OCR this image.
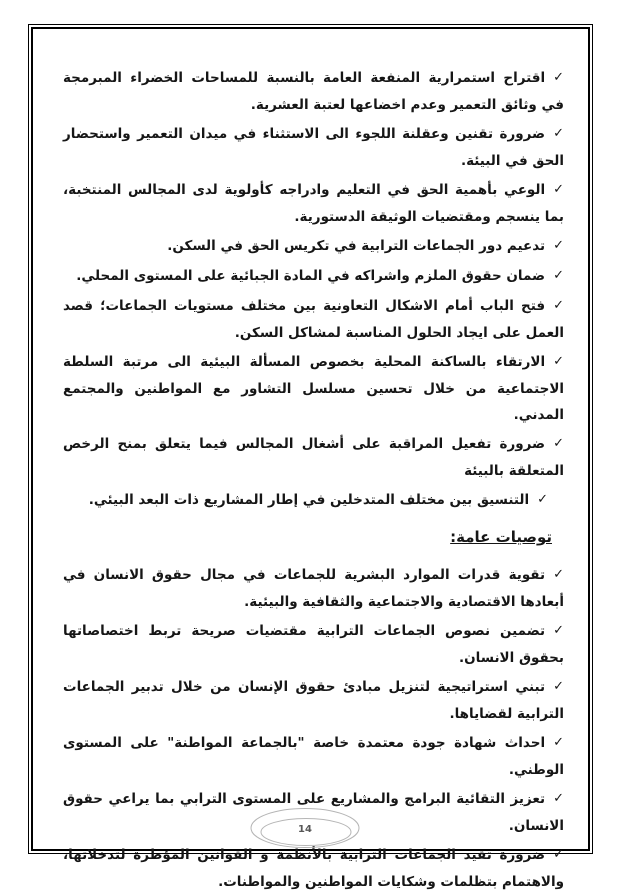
✓اقتراح استمرارية المنفعة العامة بالنسبة للمساحات الخضراء المبرمجة في وثائق التعمير وعدم اخضاعها لعتبة العشرية.
✓ضرورة تقنين وعقلنة اللجوء الى الاستثناء في ميدان التعمير واستحضار الحق في البيئة.
✓الوعي بأهمية الحق في التعليم وادراجه كأولوية لدى المجالس المنتخبة، بما ينسجم ومقتضيات الوثيقة الدستورية.
✓تدعيم دور الجماعات الترابية في تكريس الحق في السكن.
✓ضمان حقوق الملزم واشراكه في المادة الجبائية على المستوى المحلي.
✓فتح الباب أمام الاشكال التعاونية بين مختلف مستويات الجماعات؛ قصد العمل على ايجاد الحلول المناسبة لمشاكل السكن.
✓الارتقاء بالساكنة المحلية بخصوص المسألة البيئية الى مرتبة السلطة الاجتماعية من خلال تحسين مسلسل التشاور مع المواطنين والمجتمع المدني.
✓ضرورة تفعيل المراقبة على أشغال المجالس فيما يتعلق بمنح الرخص المتعلقة بالبيئة
✓التنسيق بين مختلف المتدخلين في إطار المشاريع ذات البعد البيئي.
توصيات عامة:
✓تقوية قدرات الموارد البشرية للجماعات في مجال حقوق الانسان في أبعادها الاقتصادية والاجتماعية والثقافية والبيئية.
✓تضمين نصوص الجماعات الترابية مقتضيات صريحة تربط اختصاصاتها بحقوق الانسان.
✓تبني استراتيجية لتنزيل مبادئ حقوق الإنسان من خلال تدبير الجماعات الترابية لقضاياها.
✓احداث شهادة جودة معتمدة خاصة "بالجماعة المواطنة" على المستوى الوطني.
✓تعزيز التقائية البرامج والمشاريع على المستوى الترابي بما يراعي حقوق الانسان.
✓ضرورة تقيد الجماعات الترابية بالأنظمة و القوانين المؤطرة لتدخلاتها، والاهتمام بتظلمات وشكايات المواطنين والمواطنات.
14
